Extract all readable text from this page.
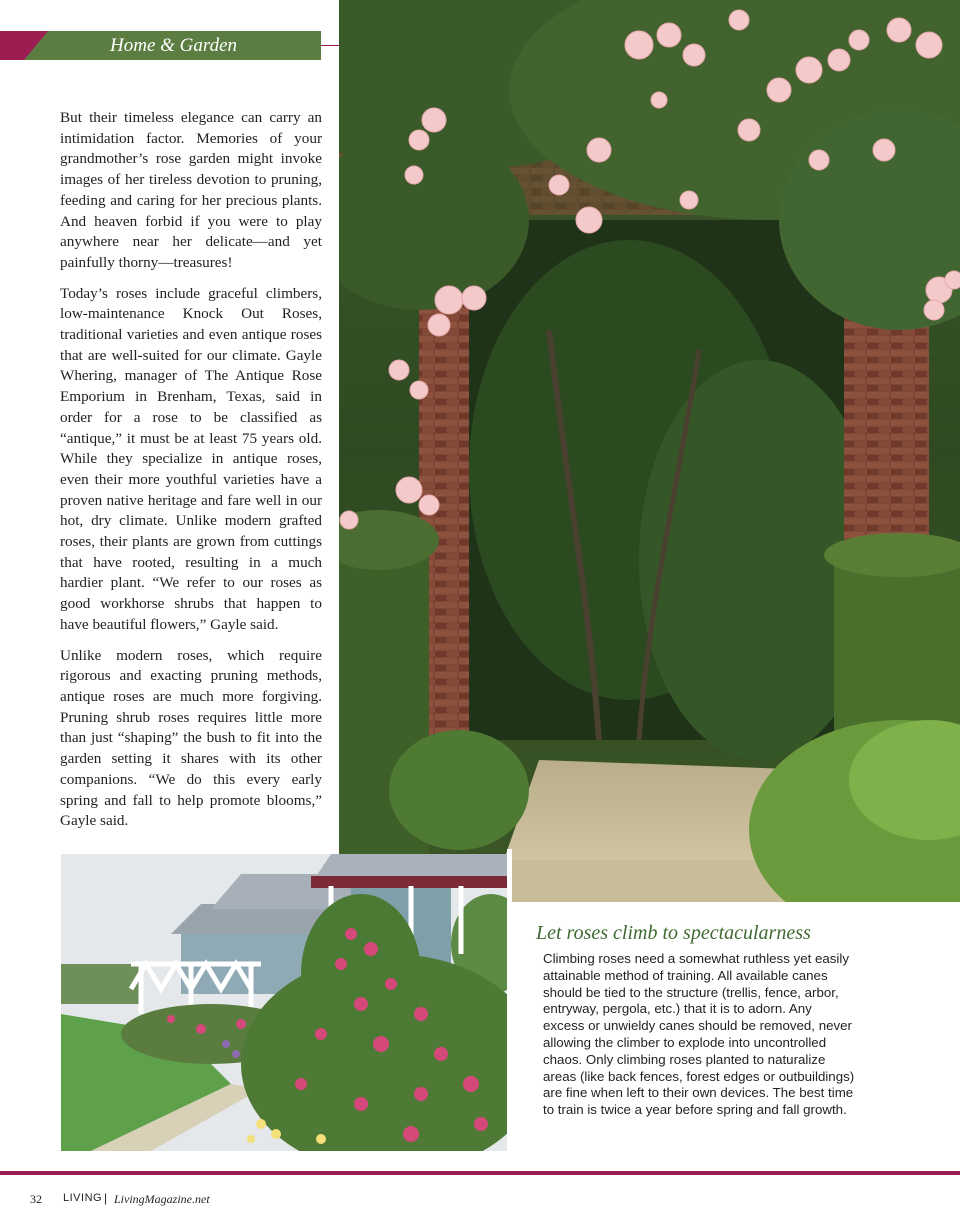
Home & Garden

But their timeless elegance can carry an intimidation factor. Memories of your grandmother’s rose garden might invoke images of her tireless devotion to pruning, feeding and caring for her precious plants. And heaven forbid if you were to play anywhere near her delicate—and yet painfully thorny—treasures!

Today’s roses include graceful climbers, low-maintenance Knock Out Roses, traditional varieties and even antique roses that are well-suited for our climate. Gayle Whering, manager of The Antique Rose Emporium in Brenham, Texas, said in order for a rose to be classified as “antique,” it must be at least 75 years old. While they specialize in antique roses, even their more youthful varieties have a proven native heritage and fare well in our hot, dry climate. Unlike modern grafted roses, their plants are grown from cuttings that have rooted, resulting in a much hardier plant. “We refer to our roses as good workhorse shrubs that happen to have beautiful flowers,” Gayle said.

Unlike modern roses, which require rigorous and exacting pruning methods, antique roses are much more forgiving. Pruning shrub roses requires little more than just “shaping” the bush to fit into the garden setting it shares with its other companions. “We do this every early spring and fall to help promote blooms,” Gayle said.

Let roses climb to spectacularness
Climbing roses need a somewhat ruthless yet easily attainable method of training. All available canes should be tied to the structure (trellis, fence, arbor, entryway, pergola, etc.) that it is to adorn. Any excess or unwieldy canes should be removed, never allowing the climber to explode into uncontrolled chaos. Only climbing roses planted to naturalize areas (like back fences, forest edges or outbuildings) are fine when left to their own devices. The best time to train is twice a year before spring and fall growth.
32 LIVING | LivingMagazine.net
